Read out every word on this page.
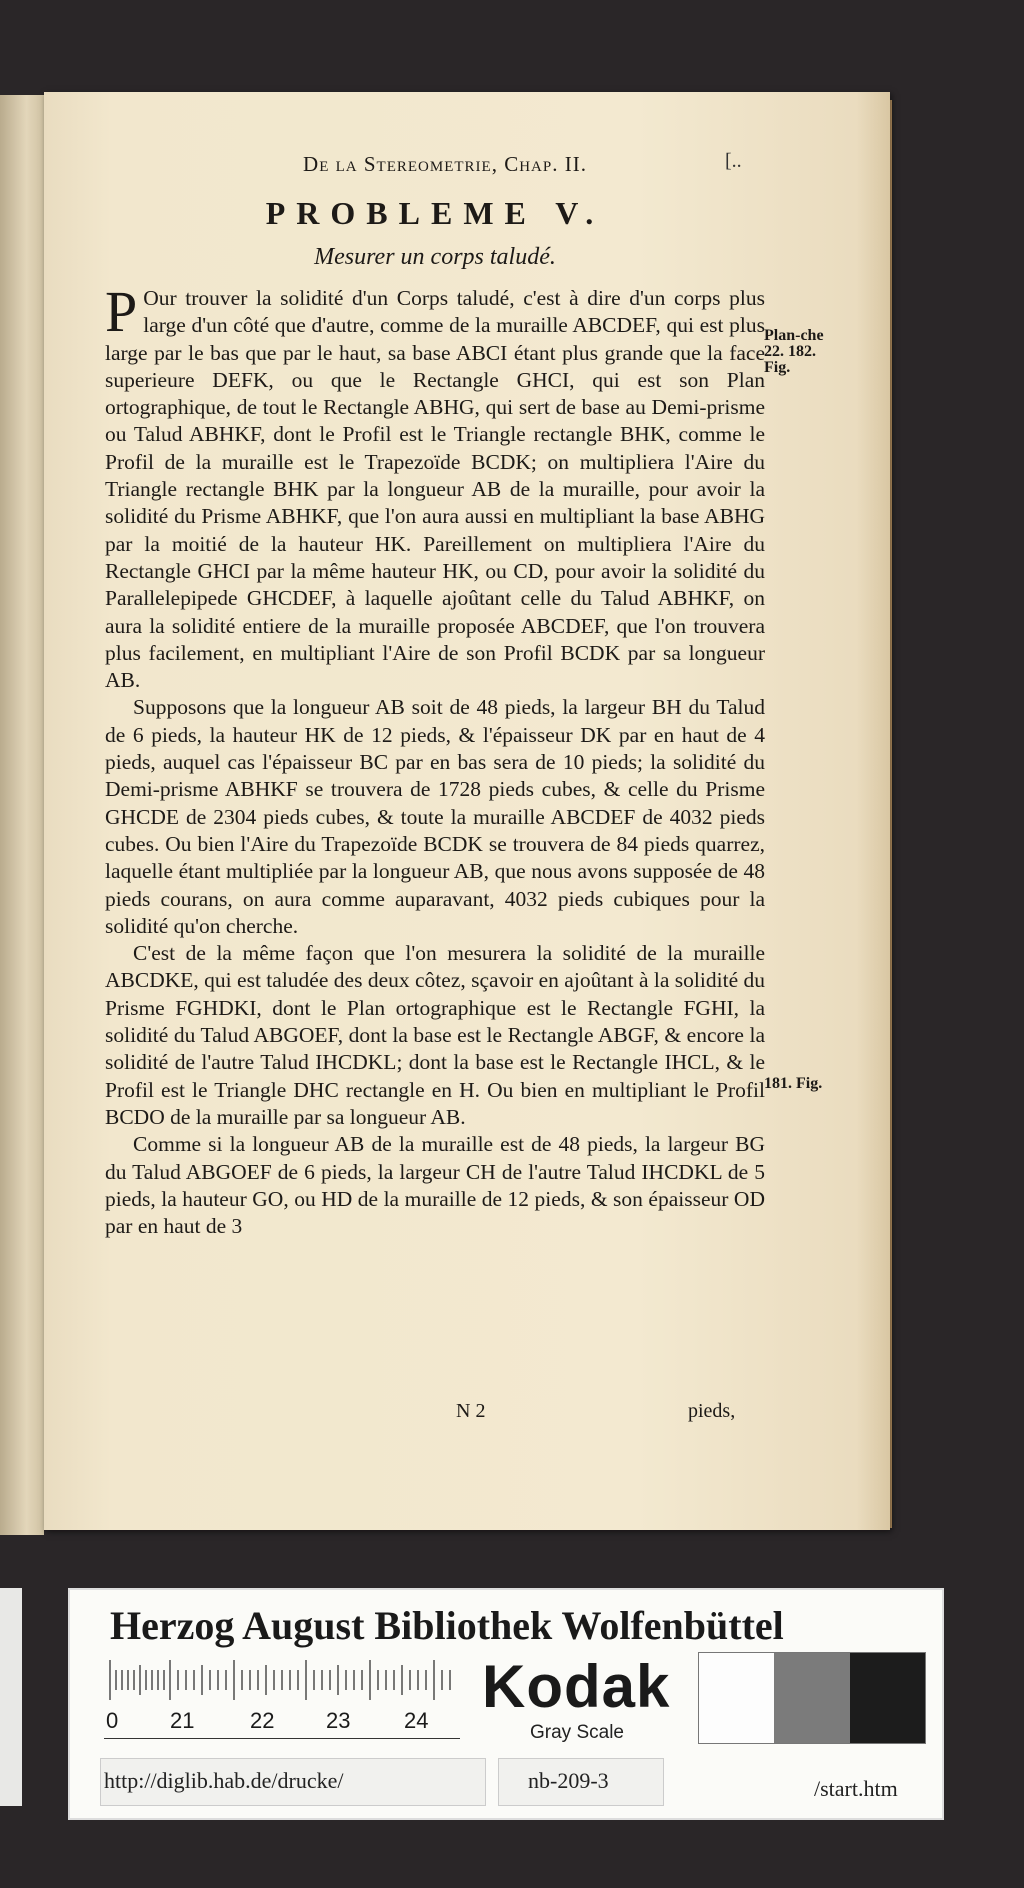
De la Stereometrie, Chap. II.	[..
PROBLEME V.
Mesurer un corps taludé.

P Our trouver la solidité d'un Corps taludé, c'est à dire d'un corps plus large d'un côté que d'autre, comme de la muraille ABCDEF, qui est plus large par le bas que par le haut, sa base ABCI étant plus grande que la face superieure DEFK, ou que le Rectangle GHCI, qui est son Plan ortographique, de tout le Rectangle ABHG, qui sert de base au Demi-prisme ou Talud ABHKF, dont le Profil est le Triangle rectangle BHK, comme le Profil de la muraille est le Trapezoïde BCDK; on multipliera l'Aire du Triangle rectangle BHK par la longueur AB de la muraille, pour avoir la solidité du Prisme ABHKF, que l'on aura aussi en multipliant la base ABHG par la moitié de la hauteur HK. Pareillement on multipliera l'Aire du Rectangle GHCI par la même hauteur HK, ou CD, pour avoir la solidité du Parallelepipede GHCDEF, à laquelle ajoûtant celle du Talud ABHKF, on aura la solidité entiere de la muraille proposée ABCDEF, que l'on trouvera plus facilement, en multipliant l'Aire de son Profil BCDK par sa longueur AB.

Supposons que la longueur AB soit de 48 pieds, la largeur BH du Talud de 6 pieds, la hauteur HK de 12 pieds, & l'épaisseur DK par en haut de 4 pieds, auquel cas l'épaisseur BC par en bas sera de 10 pieds; la solidité du Demi-prisme ABHKF se trouvera de 1728 pieds cubes, & celle du Prisme GHCDE de 2304 pieds cubes, & toute la muraille ABCDEF de 4032 pieds cubes. Ou bien l'Aire du Trapezoïde BCDK se trouvera de 84 pieds quarrez, laquelle étant multipliée par la longueur AB, que nous avons supposée de 48 pieds courans, on aura comme auparavant, 4032 pieds cubiques pour la solidité qu'on cherche.

C'est de la même façon que l'on mesurera la solidité de la muraille ABCDKE, qui est taludée des deux côtez, sçavoir en ajoûtant à la solidité du Prisme FGHDKI, dont le Plan ortographique est le Rectangle FGHI, la solidité du Talud ABGOEF, dont la base est le Rectangle ABGF, & encore la solidité de l'autre Talud IHCDKL; dont la base est le Rectangle IHCL, & le Profil est le Triangle DHC rectangle en H. Ou bien en multipliant le Profil BCDO de la muraille par sa longueur AB.

Comme si la longueur AB de la muraille est de 48 pieds, la largeur BG du Talud ABGOEF de 6 pieds, la largeur CH de l'autre Talud IHCDKL de 5 pieds, la hauteur GO, ou HD de la muraille de 12 pieds, & son épaisseur OD par en haut de 3

Plan-che 22. 182. Fig.
181. Fig.
N 2	pieds,
Herzog August Bibliothek Wolfenbüttel
0 21	22 23 24
Kodak
Gray Scale
http://diglib.hab.de/drucke/	nb-209-3	/start.htm
